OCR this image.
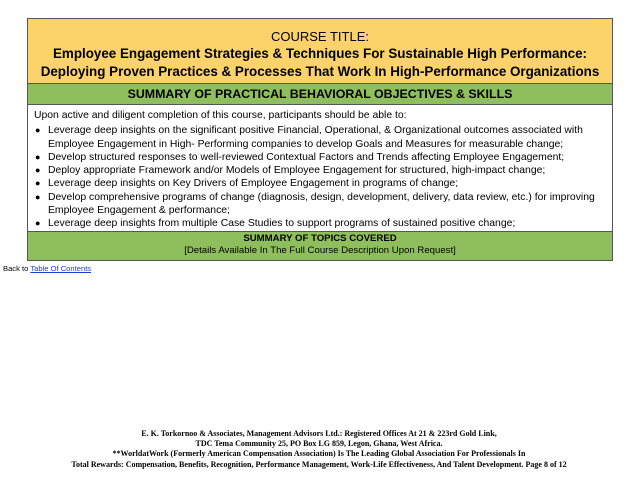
COURSE TITLE:
Employee Engagement Strategies & Techniques For Sustainable High Performance: Deploying Proven Practices & Processes That Work In High-Performance Organizations
SUMMARY OF PRACTICAL BEHAVIORAL OBJECTIVES & SKILLS

Upon active and diligent completion of this course, participants should be able to:

● Leverage deep insights on the significant positive Financial, Operational, & Organizational outcomes associated with Employee Engagement in High- Performing companies to develop Goals and Measures for measurable change;
● Develop structured responses to well-reviewed Contextual Factors and Trends affecting Employee Engagement;
● Deploy appropriate Framework and/or Models of Employee Engagement for structured, high-impact change;
● Leverage deep insights on Key Drivers of Employee Engagement in programs of change;
● Develop comprehensive programs of change (diagnosis, design, development, delivery, data review, etc.) for improving Employee Engagement & performance;
● Leverage deep insights from multiple Case Studies to support programs of sustained positive change;
SUMMARY OF TOPICS COVERED
[Details Available In The Full Course Description Upon Request]
Back to Table Of Contents

E. K. Torkornoo & Associates, Management Advisors Ltd.: Registered Offices At 21 & 223rd Gold Link,

TDC Tema Community 25, PO Box LG 859, Legon, Ghana, West Africa.

**WorldatWork (Formerly American Compensation Association) Is The Leading Global Association For Professionals In

Total Rewards: Compensation, Benefits, Recognition, Performance Management, Work-Life Effectiveness, And Talent Development. Page 8 of 12
